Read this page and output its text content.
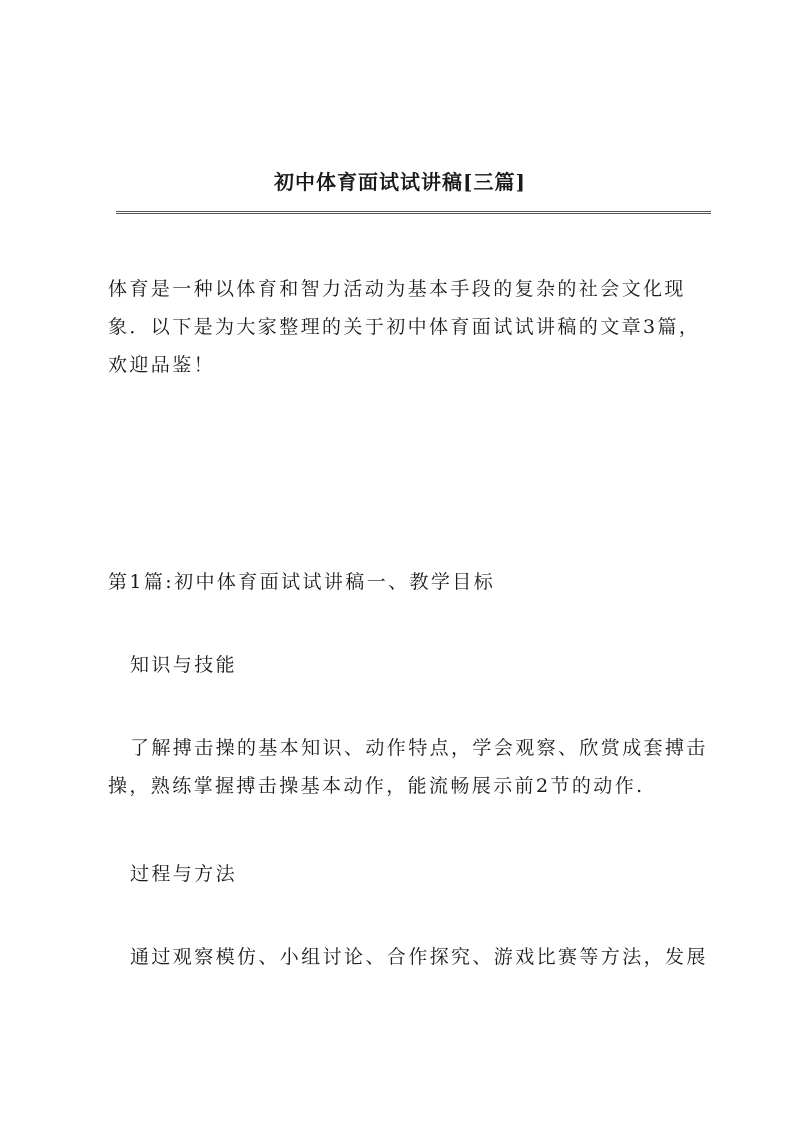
初中体育面试试讲稿[三篇]

体育是一种以体育和智力活动为基本手段的复杂的社会文化现象．以下是为大家整理的关于初中体育面试试讲稿的文章3篇，欢迎品鉴！

第1篇:初中体育面试试讲稿一、教学目标

知识与技能

了解搏击操的基本知识、动作特点，学会观察、欣赏成套搏击操，熟练掌握搏击操基本动作，能流畅展示前2节的动作.

过程与方法

通过观察模仿、小组讨论、合作探究、游戏比赛等方法，发展
